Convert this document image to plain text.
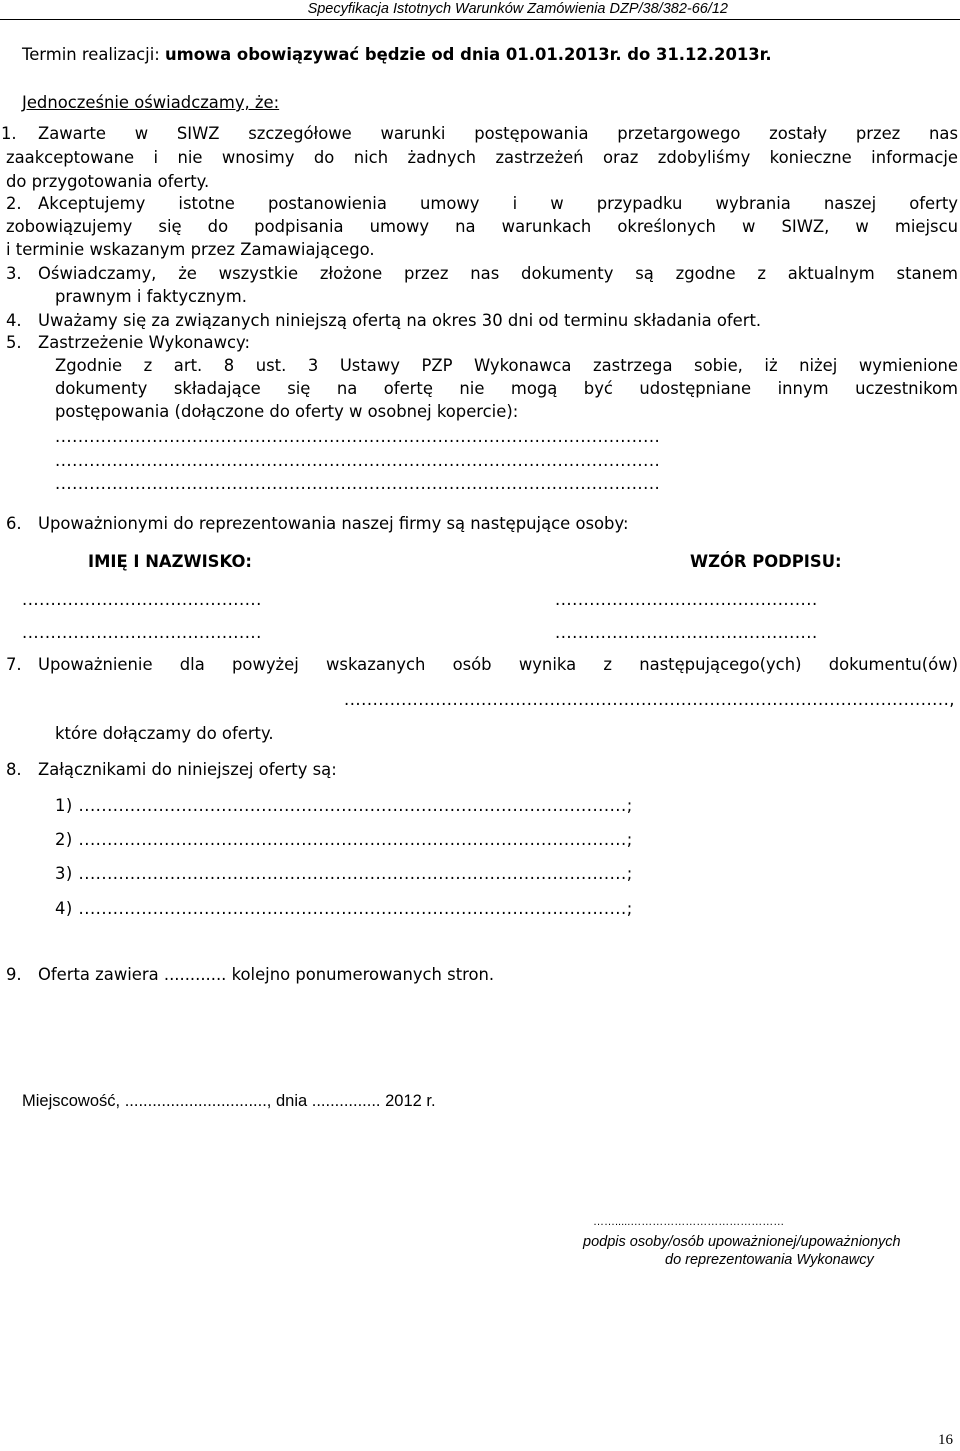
Specyfikacja Istotnych Warunków Zamówienia DZP/38/382-66/12
Termin realizacji: umowa obowiązywać będzie od dnia 01.01.2013r. do 31.12.2013r.
Jednocześnie oświadczamy, że:
1. Zawarte w SIWZ szczegółowe warunki postępowania przetargowego zostały przez nas
zaakceptowane i nie wnosimy do nich żadnych zastrzeżeń oraz zdobyliśmy konieczne informacje
do przygotowania oferty.
2. Akceptujemy istotne postanowienia umowy i w przypadku wybrania naszej oferty
zobowiązujemy się do podpisania umowy na warunkach określonych w SIWZ, w miejscu
i terminie wskazanym przez Zamawiającego.
3. Oświadczamy, że wszystkie złożone przez nas dokumenty są zgodne z aktualnym stanem
prawnym i faktycznym.
4. Uważamy się za związanych niniejszą ofertą na okres 30 dni od terminu składania ofert.
5. Zastrzeżenie Wykonawcy:
Zgodnie z art. 8 ust. 3 Ustawy PZP Wykonawca zastrzega sobie, iż niżej wymienione
dokumenty składające się na ofertę nie mogą być udostępniane innym uczestnikom
postępowania (dołączone do oferty w osobnej kopercie):
..........................................................................................................
..........................................................................................................
..........................................................................................................
6. Upoważnionymi do reprezentowania naszej firmy są następujące osoby:
IMIĘ I NAZWISKO:	WZÓR PODPISU:
..........................................	..............................................
..........................................	..............................................
7. Upoważnienie dla powyżej wskazanych osób wynika z następującego(ych) dokumentu(ów)
..........................................................................................................,
które dołączamy do oferty.
8. Załącznikami do niniejszej oferty są:
1) ................................................................................................;
2) ................................................................................................;
3) ................................................................................................;
4) ................................................................................................;
9. Oferta zawiera ............ kolejno ponumerowanych stron.
Miejscowość, ..............................., dnia ............... 2012 r.
…….....……………………………………
podpis osoby/osób upoważnionej/upoważnionych
do reprezentowania Wykonawcy
16
